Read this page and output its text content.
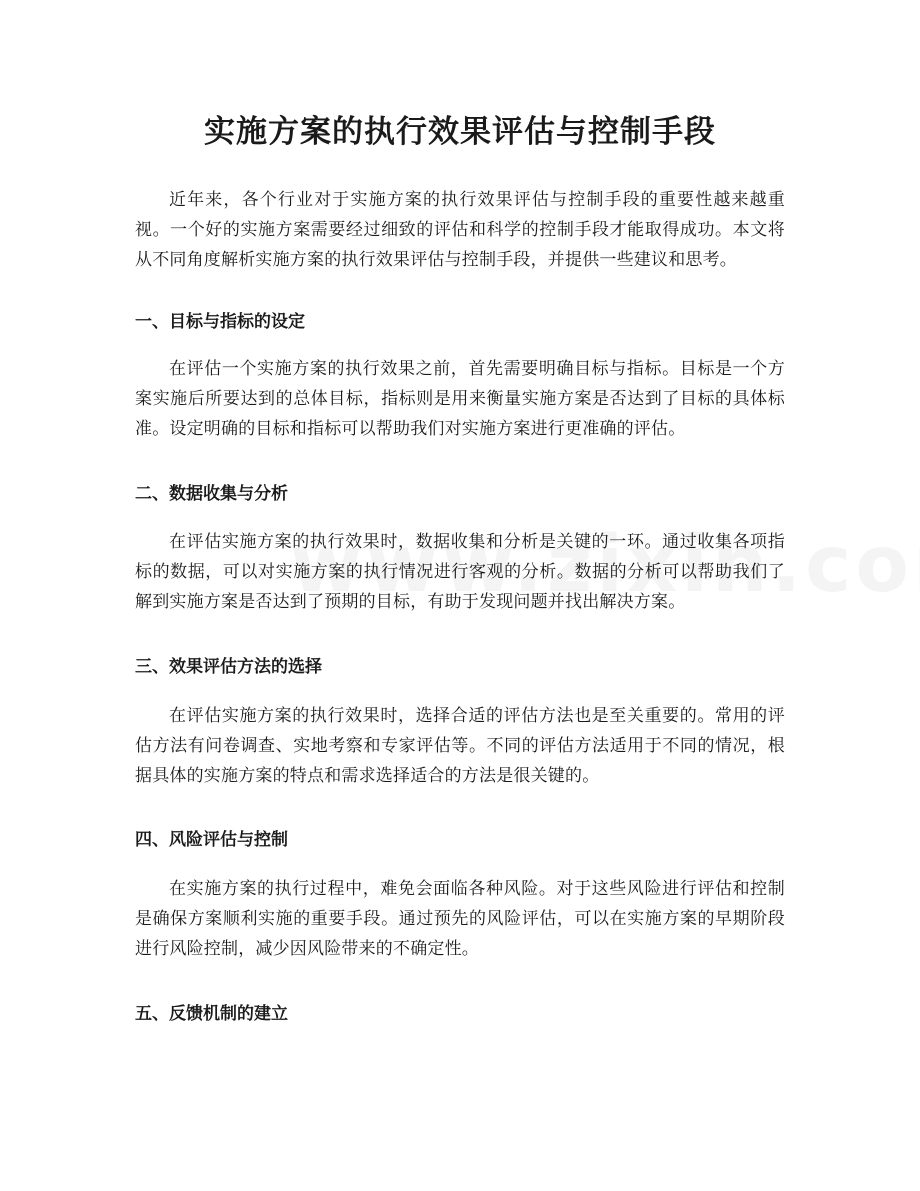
实施方案的执行效果评估与控制手段

近年来，各个行业对于实施方案的执行效果评估与控制手段的重要性越来越重视。一个好的实施方案需要经过细致的评估和科学的控制手段才能取得成功。本文将从不同角度解析实施方案的执行效果评估与控制手段，并提供一些建议和思考。

一、目标与指标的设定

在评估一个实施方案的执行效果之前，首先需要明确目标与指标。目标是一个方案实施后所要达到的总体目标，指标则是用来衡量实施方案是否达到了目标的具体标准。设定明确的目标和指标可以帮助我们对实施方案进行更准确的评估。

二、数据收集与分析

在评估实施方案的执行效果时，数据收集和分析是关键的一环。通过收集各项指标的数据，可以对实施方案的执行情况进行客观的分析。数据的分析可以帮助我们了解到实施方案是否达到了预期的目标，有助于发现问题并找出解决方案。

三、效果评估方法的选择

在评估实施方案的执行效果时，选择合适的评估方法也是至关重要的。常用的评估方法有问卷调查、实地考察和专家评估等。不同的评估方法适用于不同的情况，根据具体的实施方案的特点和需求选择适合的方法是很关键的。

四、风险评估与控制

在实施方案的执行过程中，难免会面临各种风险。对于这些风险进行评估和控制是确保方案顺利实施的重要手段。通过预先的风险评估，可以在实施方案的早期阶段进行风险控制，减少因风险带来的不确定性。

五、反馈机制的建立
